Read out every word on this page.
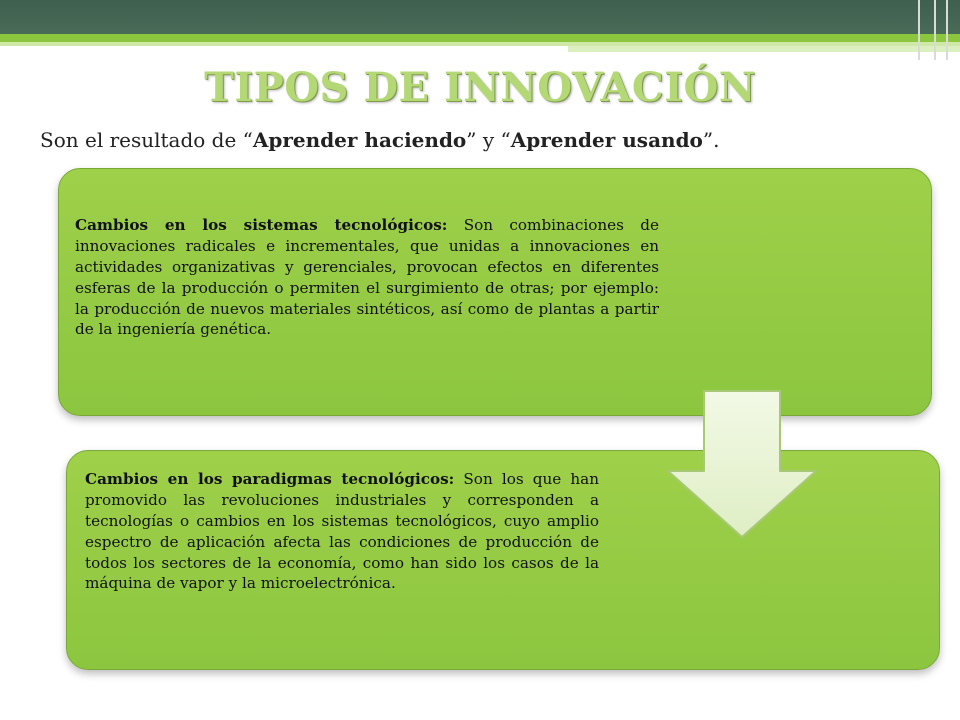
TIPOS DE INNOVACIÓN
Son el resultado de “Aprender haciendo” y “Aprender usando”.
Cambios en los sistemas tecnológicos: Son combinaciones de innovaciones radicales e incrementales, que unidas a innovaciones en actividades organizativas y gerenciales, provocan efectos en diferentes esferas de la producción o permiten el surgimiento de otras; por ejemplo: la producción de nuevos materiales sintéticos, así como de plantas a partir de la ingeniería genética.
Cambios en los paradigmas tecnológicos: Son los que han promovido las revoluciones industriales y corresponden a tecnologías o cambios en los sistemas tecnológicos, cuyo amplio espectro de aplicación afecta las condiciones de producción de todos los sectores de la economía, como han sido los casos de la máquina de vapor y la microelectrónica.
